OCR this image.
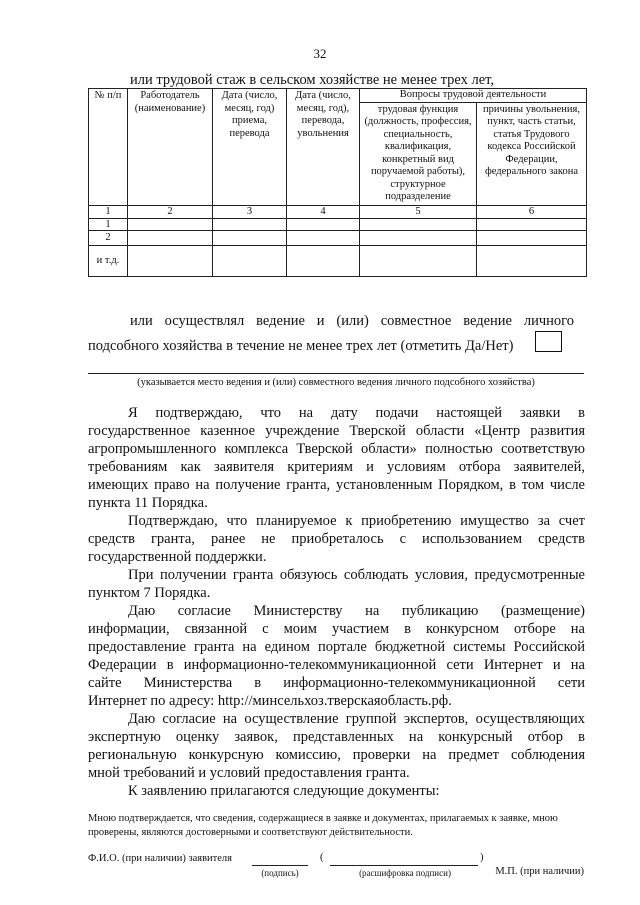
32
или трудовой стаж в сельском хозяйстве не менее трех лет,
№ п/п	Работодатель (наименование)	Дата (число, месяц, год) приема, перевода	Дата (число, месяц, год), перевода, увольнения	Вопросы трудовой деятельности	
				трудовая функция (должность, профессия, специальность, квалификация, конкретный вид поручаемой работы), структурное подразделение	причины увольнения, пункт, часть статьи, статья Трудового кодекса Российской Федерации, федерального закона
1	2	3	4	5	6
1					
2					
и т.д.					
или осуществлял ведение и (или) совместное ведение личного
подсобного хозяйства в течение не менее трех лет (отметить Да/Нет)
(указывается место ведения и (или) совместного ведения личного подсобного хозяйства)
Я подтверждаю, что на дату подачи настоящей заявки в
государственное казенное учреждение Тверской области «Центр развития
агропромышленного комплекса Тверской области» полностью соответствую
требованиям как заявителя критериям и условиям отбора заявителей,
имеющих право на получение гранта, установленным Порядком, в том числе
пункта 11 Порядка.
Подтверждаю, что планируемое к приобретению имущество за счет
средств гранта, ранее не приобреталось с использованием средств
государственной поддержки.
При получении гранта обязуюсь соблюдать условия, предусмотренные
пунктом 7 Порядка.
Даю согласие Министерству на публикацию (размещение)
информации, связанной с моим участием в конкурсном отборе на
предоставление гранта на едином портале бюджетной системы Российской
Федерации в информационно-телекоммуникационной сети Интернет и на
сайте Министерства в информационно-телекоммуникационной сети
Интернет по адресу: http://минсельхоз.тверскаяобласть.рф.
Даю согласие на осуществление группой экспертов, осуществляющих
экспертную оценку заявок, представленных на конкурсный отбор в
региональную конкурсную комиссию, проверки на предмет соблюдения
мной требований и условий предоставления гранта.
К заявлению прилагаются следующие документы:
Мною подтверждается, что сведения, содержащиеся в заявке и документах, прилагаемых к заявке, мною
проверены, являются достоверными и соответствуют действительности.
Ф.И.О. (при наличии) заявителя	(	)
(подпись)	(расшифровка подписи)	М.П. (при наличии)
